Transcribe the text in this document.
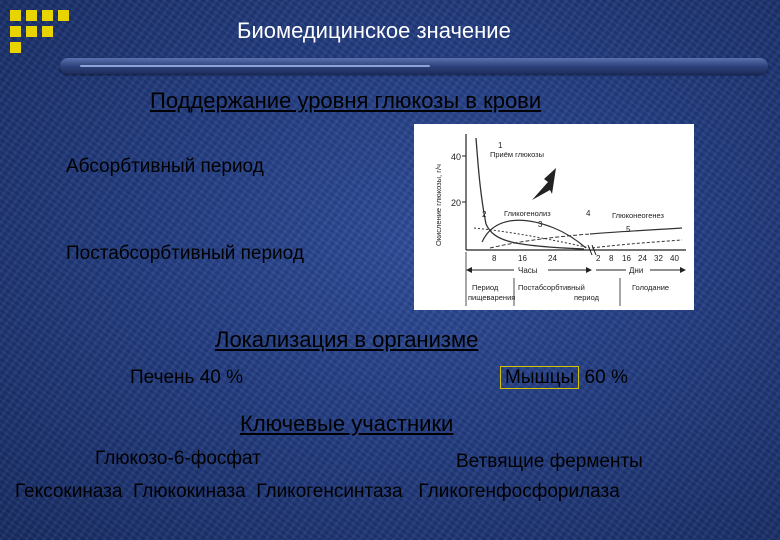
Биомедицинское значение
Поддержание уровня глюкозы в крови
Абсорбтивный период
Постабсорбтивный период
40
20
Окисление глюкозы, г/ч
Приём глюкозы
Гликогенолиз	Глюконеогенез
1
2
3
4
5
8	16	24	2 8 16 24 32 40
Часы	Дни
Период
пищеварения
Постабсорбтивный
период
Голодание
Локализация в организме
Печень 40 %	Мышцы 60 %
Ключевые участники
Глюкозо-6-фосфат	Ветвящие ферменты
Гексокиназа  Глюкокиназа  Гликогенсинтаза   Гликогенфосфорилаза
